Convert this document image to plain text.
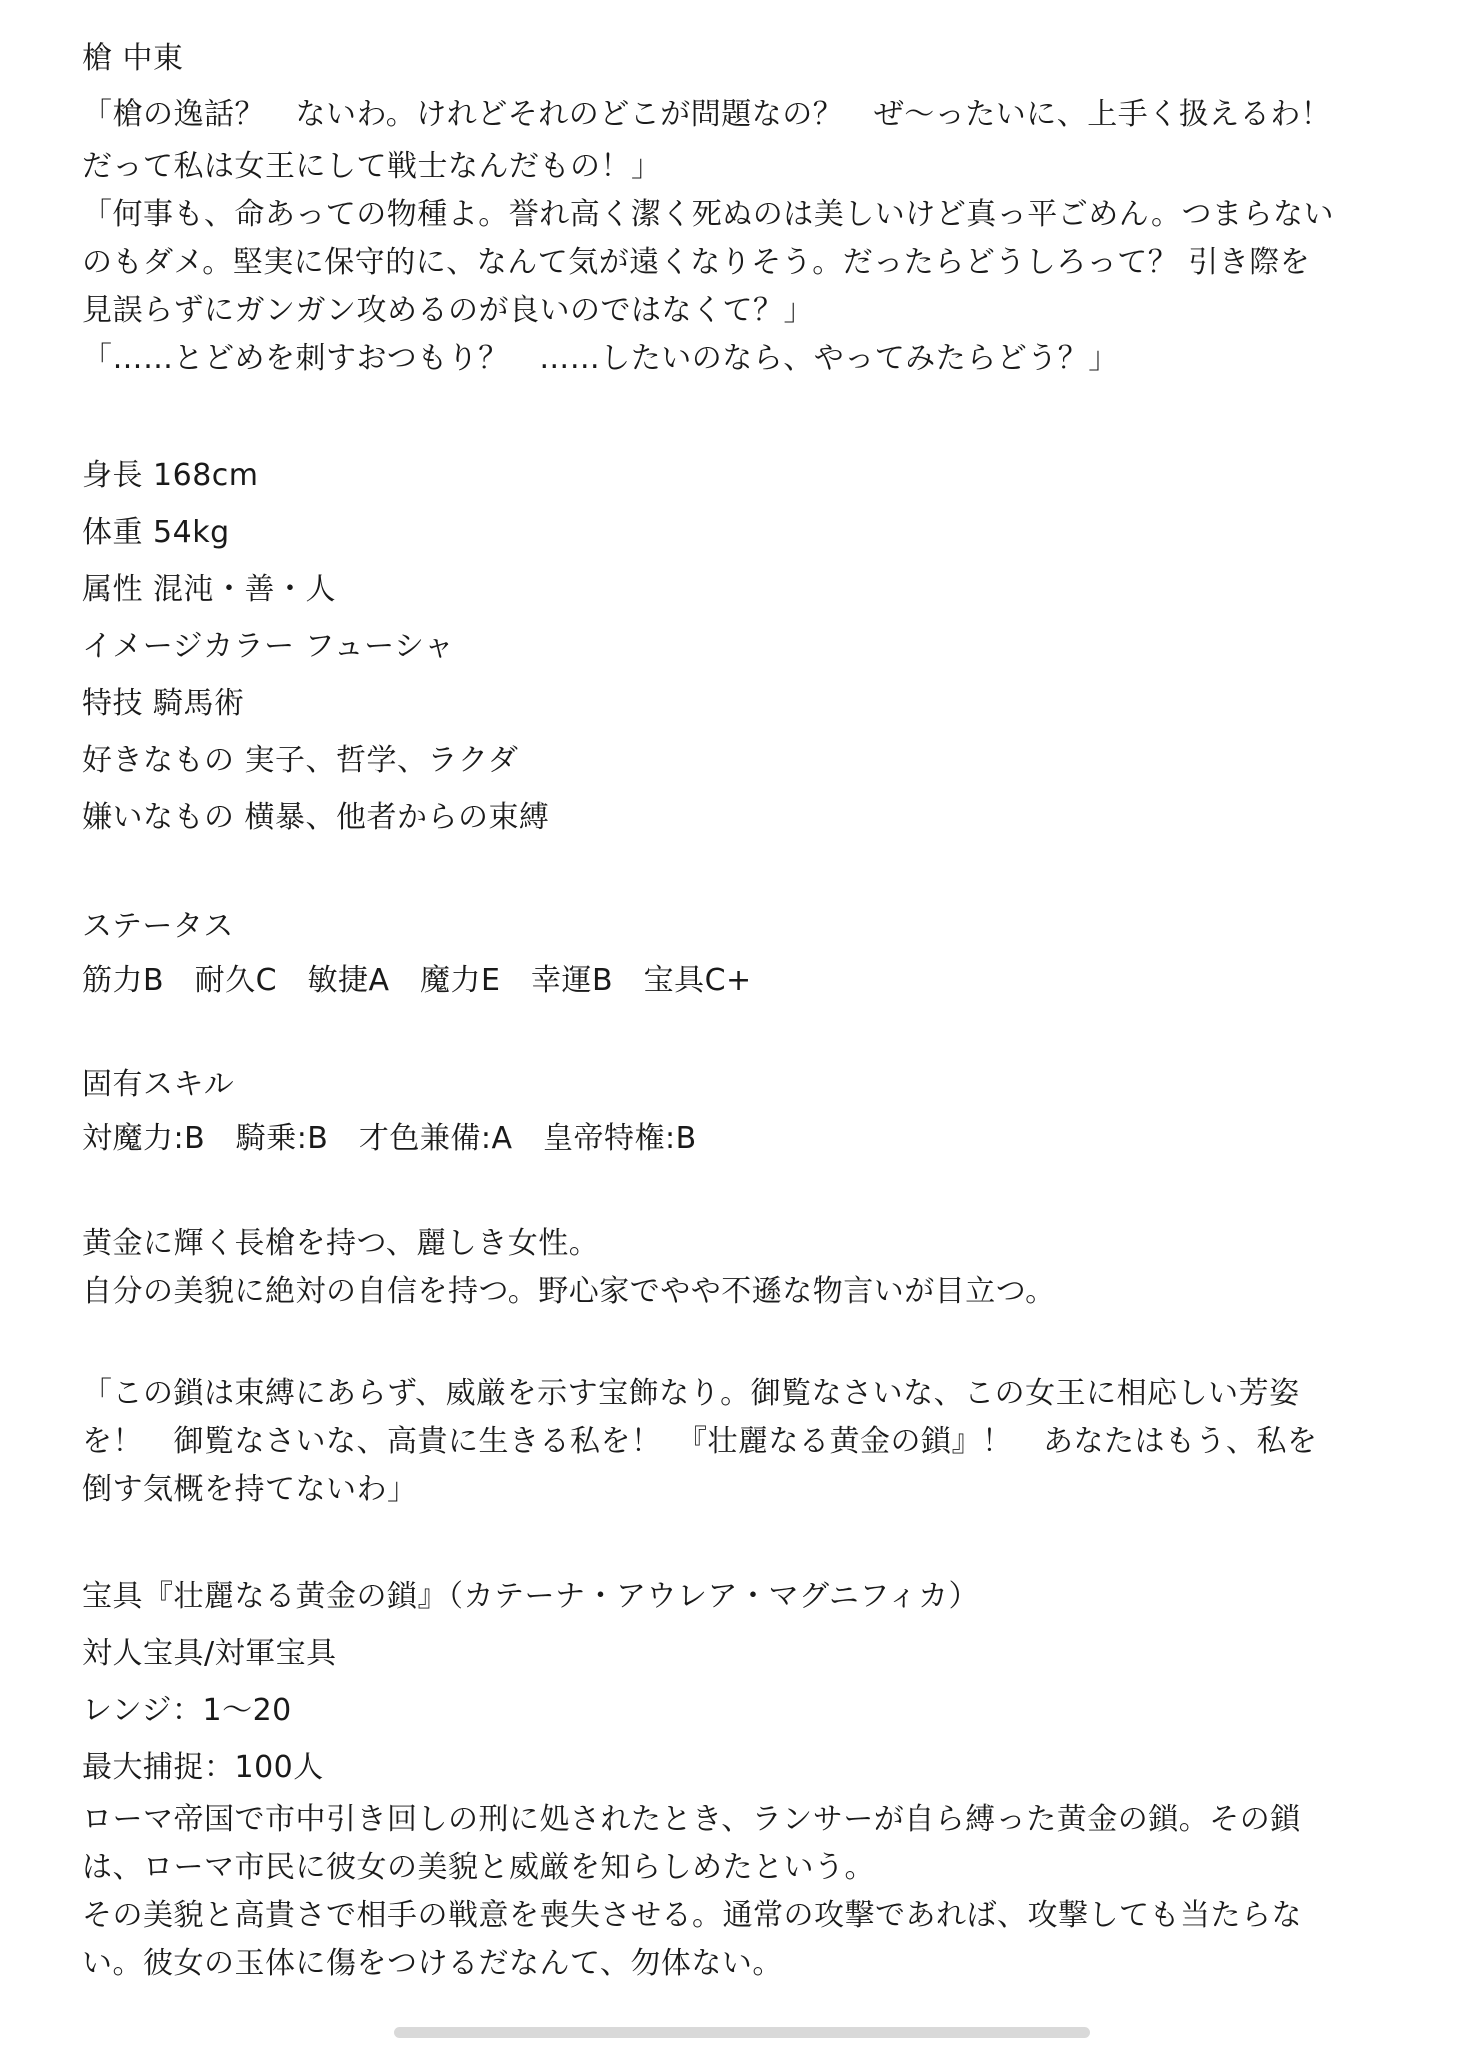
槍 中東
「槍の逸話？　ないわ。けれどそれのどこが問題なの？　ぜ〜ったいに、上手く扱えるわ！
だって私は女王にして戦士なんだもの！」
「何事も、命あっての物種よ。誉れ高く潔く死ぬのは美しいけど真っ平ごめん。つまらない
のもダメ。堅実に保守的に、なんて気が遠くなりそう。だったらどうしろって？ 引き際を
見誤らずにガンガン攻めるのが良いのではなくて？」
「……とどめを刺すおつもり？　……したいのなら、やってみたらどう？」
身長 168cm
体重 54kg
属性 混沌・善・人
イメージカラー フューシャ
特技 騎馬術
好きなもの 実子、哲学、ラクダ
嫌いなもの 横暴、他者からの束縛
ステータス
筋力B　耐久C　敏捷A　魔力E　幸運B　宝具C+
固有スキル
対魔力:B　騎乗:B　才色兼備:A　皇帝特権:B
黄金に輝く長槍を持つ、麗しき女性。
自分の美貌に絶対の自信を持つ。野心家でやや不遜な物言いが目立つ。
「この鎖は束縛にあらず、威厳を示す宝飾なり。御覧なさいな、この女王に相応しい芳姿
を！　御覧なさいな、高貴に生きる私を！　『壮麗なる黄金の鎖』！　あなたはもう、私を
倒す気概を持てないわ」
宝具『壮麗なる黄金の鎖』（カテーナ・アウレア・マグニフィカ）
対人宝具/対軍宝具
レンジ：1〜20
最大捕捉：100人
ローマ帝国で市中引き回しの刑に処されたとき、ランサーが自ら縛った黄金の鎖。その鎖
は、ローマ市民に彼女の美貌と威厳を知らしめたという。
その美貌と高貴さで相手の戦意を喪失させる。通常の攻撃であれば、攻撃しても当たらな
い。彼女の玉体に傷をつけるだなんて、勿体ない。
